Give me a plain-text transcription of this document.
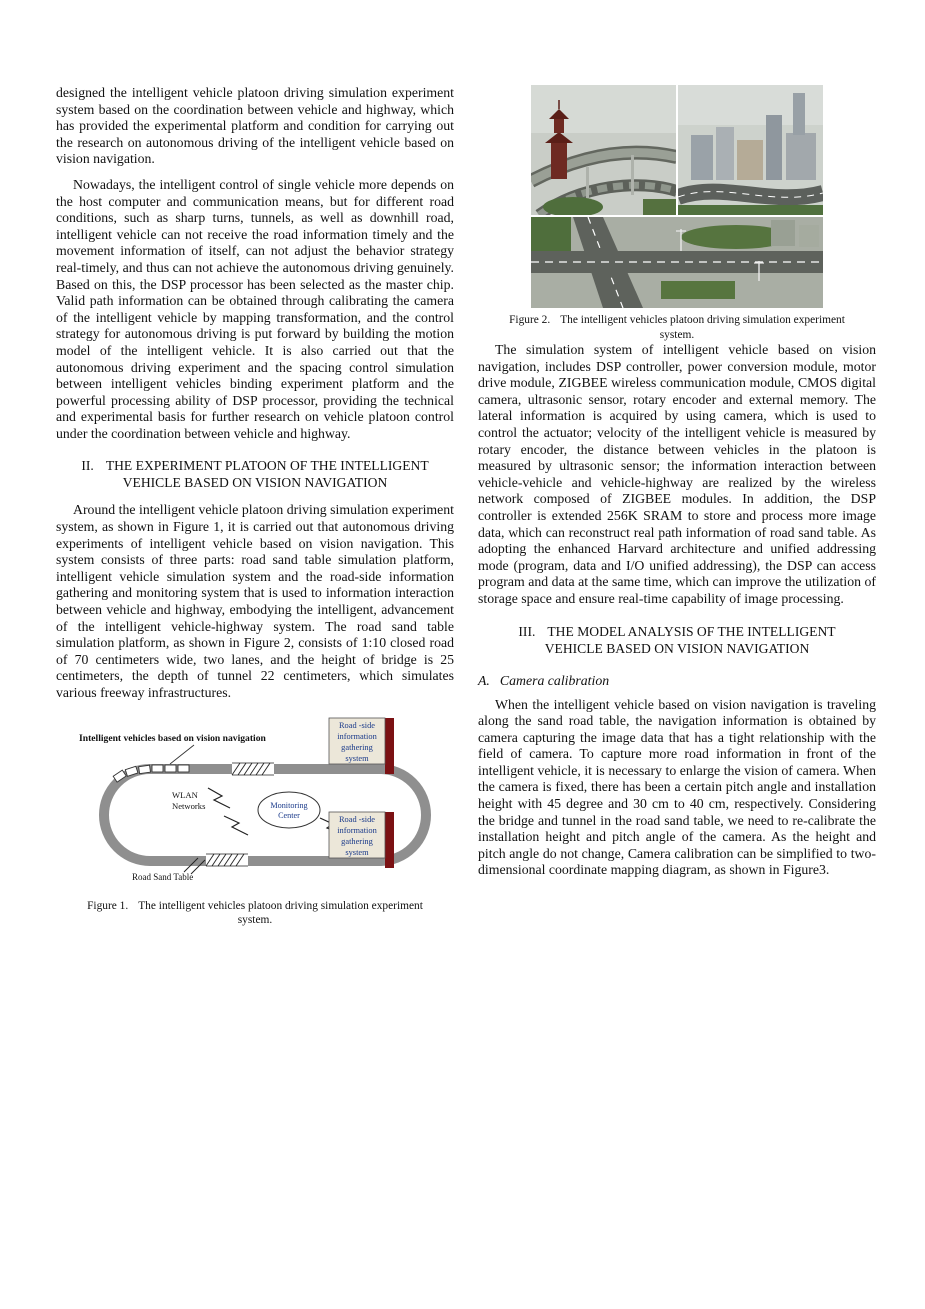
designed the intelligent vehicle platoon driving simulation experiment system based on the coordination between vehicle and highway, which has provided the experimental platform and condition for carrying out the research on autonomous driving of the intelligent vehicle based on vision navigation.

Nowadays, the intelligent control of single vehicle more depends on the host computer and communication means, but for different road conditions, such as sharp turns, tunnels, as well as downhill road, intelligent vehicle can not receive the road information timely and the movement information of itself, can not adjust the behavior strategy real-timely, and thus can not achieve the autonomous driving genuinely. Based on this, the DSP processor has been selected as the master chip. Valid path information can be obtained through calibrating the camera of the intelligent vehicle by mapping transformation, and the control strategy for autonomous driving is put forward by building the motion model of the intelligent vehicle. It is also carried out that the autonomous driving experiment and the spacing control simulation between intelligent vehicles binding experiment platform and the powerful processing ability of DSP processor, providing the technical and experimental basis for further research on vehicle platoon control under the coordination between vehicle and highway.

II. THE EXPERIMENT PLATOON OF THE INTELLIGENT VEHICLE BASED ON VISION NAVIGATION

Around the intelligent vehicle platoon driving simulation experiment system, as shown in Figure 1, it is carried out that autonomous driving experiments of intelligent vehicle based on vision navigation. This system consists of three parts: road sand table simulation platform, intelligent vehicle simulation system and the road-side information gathering and monitoring system that is used to information interaction between vehicle and highway, embodying the intelligent, advancement of the intelligent vehicle-highway system. The road sand table simulation platform, as shown in Figure 2, consists of 1:10 closed road of 70 centimeters wide, two lanes, and the height of bridge is 25 centimeters, the depth of tunnel 22 centimeters, which simulates various freeway infrastructures.

Intelligent vehicles based on vision navigation
WLAN
Networks	Monitoring
Center
Road -side
information
gathering
system
Road -side
information
gathering
system
Road Sand Table
Figure 1. The intelligent vehicles platoon driving simulation experiment system.
Figure 2. The intelligent vehicles platoon driving simulation experiment system.

The simulation system of intelligent vehicle based on vision navigation, includes DSP controller, power conversion module, motor drive module, ZIGBEE wireless communication module, CMOS digital camera, ultrasonic sensor, rotary encoder and external memory. The lateral information is acquired by using camera, which is used to control the actuator; velocity of the intelligent vehicle is measured by rotary encoder, the distance between vehicles in the platoon is measured by ultrasonic sensor; the information interaction between vehicle-vehicle and vehicle-highway are realized by the wireless network composed of ZIGBEE modules. In addition, the DSP controller is extended 256K SRAM to store and process more image data, which can reconstruct real path information of road sand table. As adopting the enhanced Harvard architecture and unified addressing mode (program, data and I/O unified addressing), the DSP can access program and data at the same time, which can improve the utilization of storage space and ensure real-time capability of image processing.

III. THE MODEL ANALYSIS OF THE INTELLIGENT VEHICLE BASED ON VISION NAVIGATION
A. Camera calibration

When the intelligent vehicle based on vision navigation is traveling along the sand road table, the navigation information is obtained by camera capturing the image data that has a tight relationship with the field of camera. To capture more road information in front of the intelligent vehicle, it is necessary to enlarge the vision of camera. When the camera is fixed, there has been a certain pitch angle and installation height with 45 degree and 30 cm to 40 cm, respectively. Considering the bridge and tunnel in the road sand table, we need to re-calibrate the installation height and pitch angle of the camera. As the height and pitch angle do not change, Camera calibration can be simplified to two-dimensional coordinate mapping diagram, as shown in Figure3.
